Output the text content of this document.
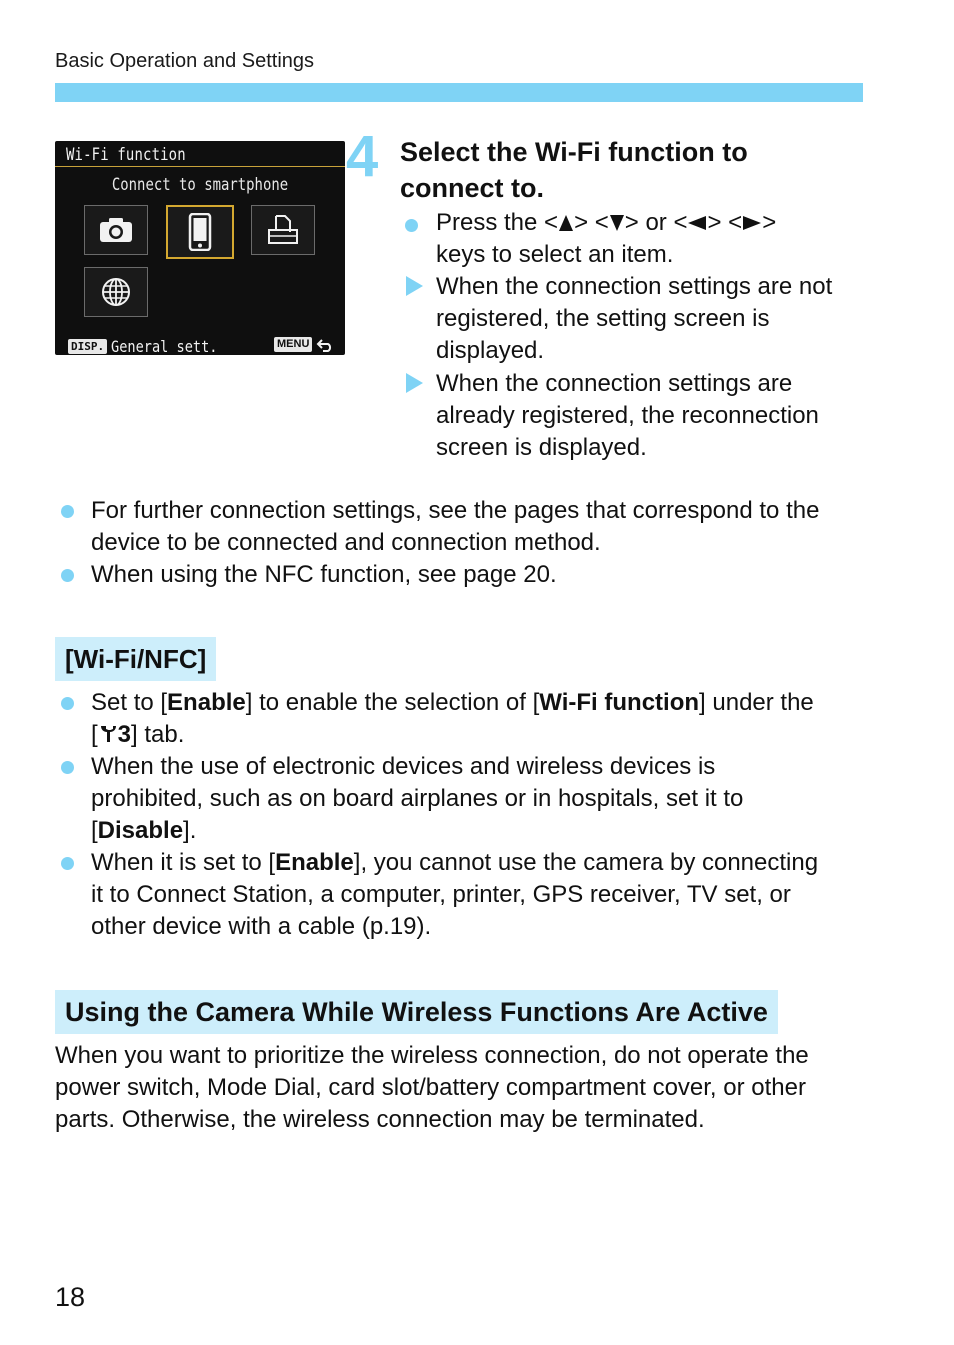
Basic Operation and Settings
Wi-Fi function
Connect to smartphone
DISP. General sett.	MENU
4 Select the Wi-Fi function to
connect to.
Press the < > < > or < > < >
keys to select an item.
When the connection settings are not
registered, the setting screen is
displayed.
When the connection settings are
already registered, the reconnection
screen is displayed.
For further connection settings, see the pages that correspond to the
device to be connected and connection method.
When using the NFC function, see page 20.
[Wi-Fi/NFC]
Set to [Enable] to enable the selection of [Wi-Fi function] under the
[ 3] tab.
When the use of electronic devices and wireless devices is
prohibited, such as on board airplanes or in hospitals, set it to
[Disable].
When it is set to [Enable], you cannot use the camera by connecting
it to Connect Station, a computer, printer, GPS receiver, TV set, or
other device with a cable (p.19).
Using the Camera While Wireless Functions Are Active
When you want to prioritize the wireless connection, do not operate the
power switch, Mode Dial, card slot/battery compartment cover, or other
parts. Otherwise, the wireless connection may be terminated.
18
